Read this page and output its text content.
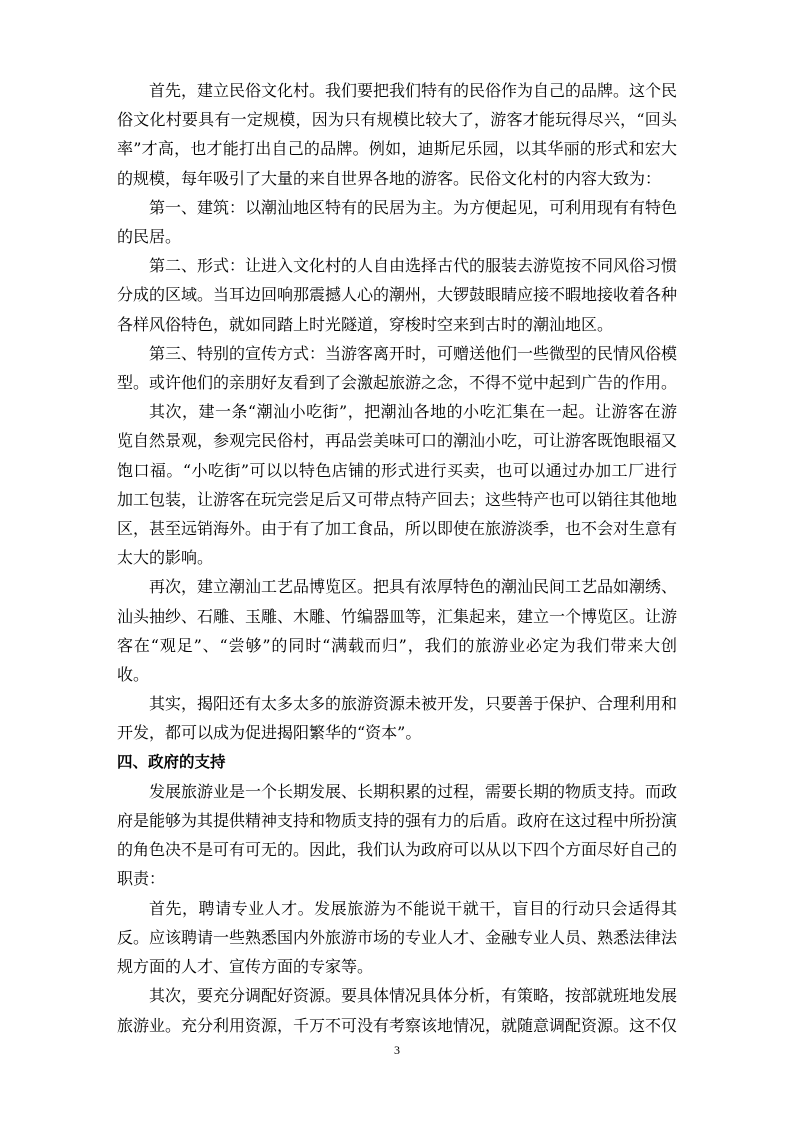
首先，建立民俗文化村。我们要把我们特有的民俗作为自己的品牌。这个民俗文化村要具有一定规模，因为只有规模比较大了，游客才能玩得尽兴，“回头率”才高，也才能打出自己的品牌。例如，迪斯尼乐园，以其华丽的形式和宏大的规模，每年吸引了大量的来自世界各地的游客。民俗文化村的内容大致为：

第一、建筑：以潮汕地区特有的民居为主。为方便起见，可利用现有有特色的民居。

第二、形式：让进入文化村的人自由选择古代的服装去游览按不同风俗习惯分成的区域。当耳边回响那震撼人心的潮州，大锣鼓眼睛应接不暇地接收着各种各样风俗特色，就如同踏上时光隧道，穿梭时空来到古时的潮汕地区。

第三、特别的宣传方式：当游客离开时，可赠送他们一些微型的民情风俗模型。或许他们的亲朋好友看到了会激起旅游之念，不得不觉中起到广告的作用。

其次，建一条“潮汕小吃街”，把潮汕各地的小吃汇集在一起。让游客在游览自然景观，参观完民俗村，再品尝美味可口的潮汕小吃，可让游客既饱眼福又饱口福。“小吃街”可以以特色店铺的形式进行买卖，也可以通过办加工厂进行加工包装，让游客在玩完尝足后又可带点特产回去；这些特产也可以销往其他地区，甚至远销海外。由于有了加工食品，所以即使在旅游淡季，也不会对生意有太大的影响。

再次，建立潮汕工艺品博览区。把具有浓厚特色的潮汕民间工艺品如潮绣、汕头抽纱、石雕、玉雕、木雕、竹编器皿等，汇集起来，建立一个博览区。让游客在“观足”、“尝够”的同时“满载而归”，我们的旅游业必定为我们带来大创收。

其实，揭阳还有太多太多的旅游资源未被开发，只要善于保护、合理利用和开发，都可以成为促进揭阳繁华的“资本”。

四、政府的支持

发展旅游业是一个长期发展、长期积累的过程，需要长期的物质支持。而政府是能够为其提供精神支持和物质支持的强有力的后盾。政府在这过程中所扮演的角色决不是可有可无的。因此，我们认为政府可以从以下四个方面尽好自己的职责：

首先，聘请专业人才。发展旅游为不能说干就干，盲目的行动只会适得其反。应该聘请一些熟悉国内外旅游市场的专业人才、金融专业人员、熟悉法律法规方面的人才、宣传方面的专家等。

其次，要充分调配好资源。要具体情况具体分析，有策略，按部就班地发展旅游业。充分利用资源，千万不可没有考察该地情况，就随意调配资源。这不仅

3
